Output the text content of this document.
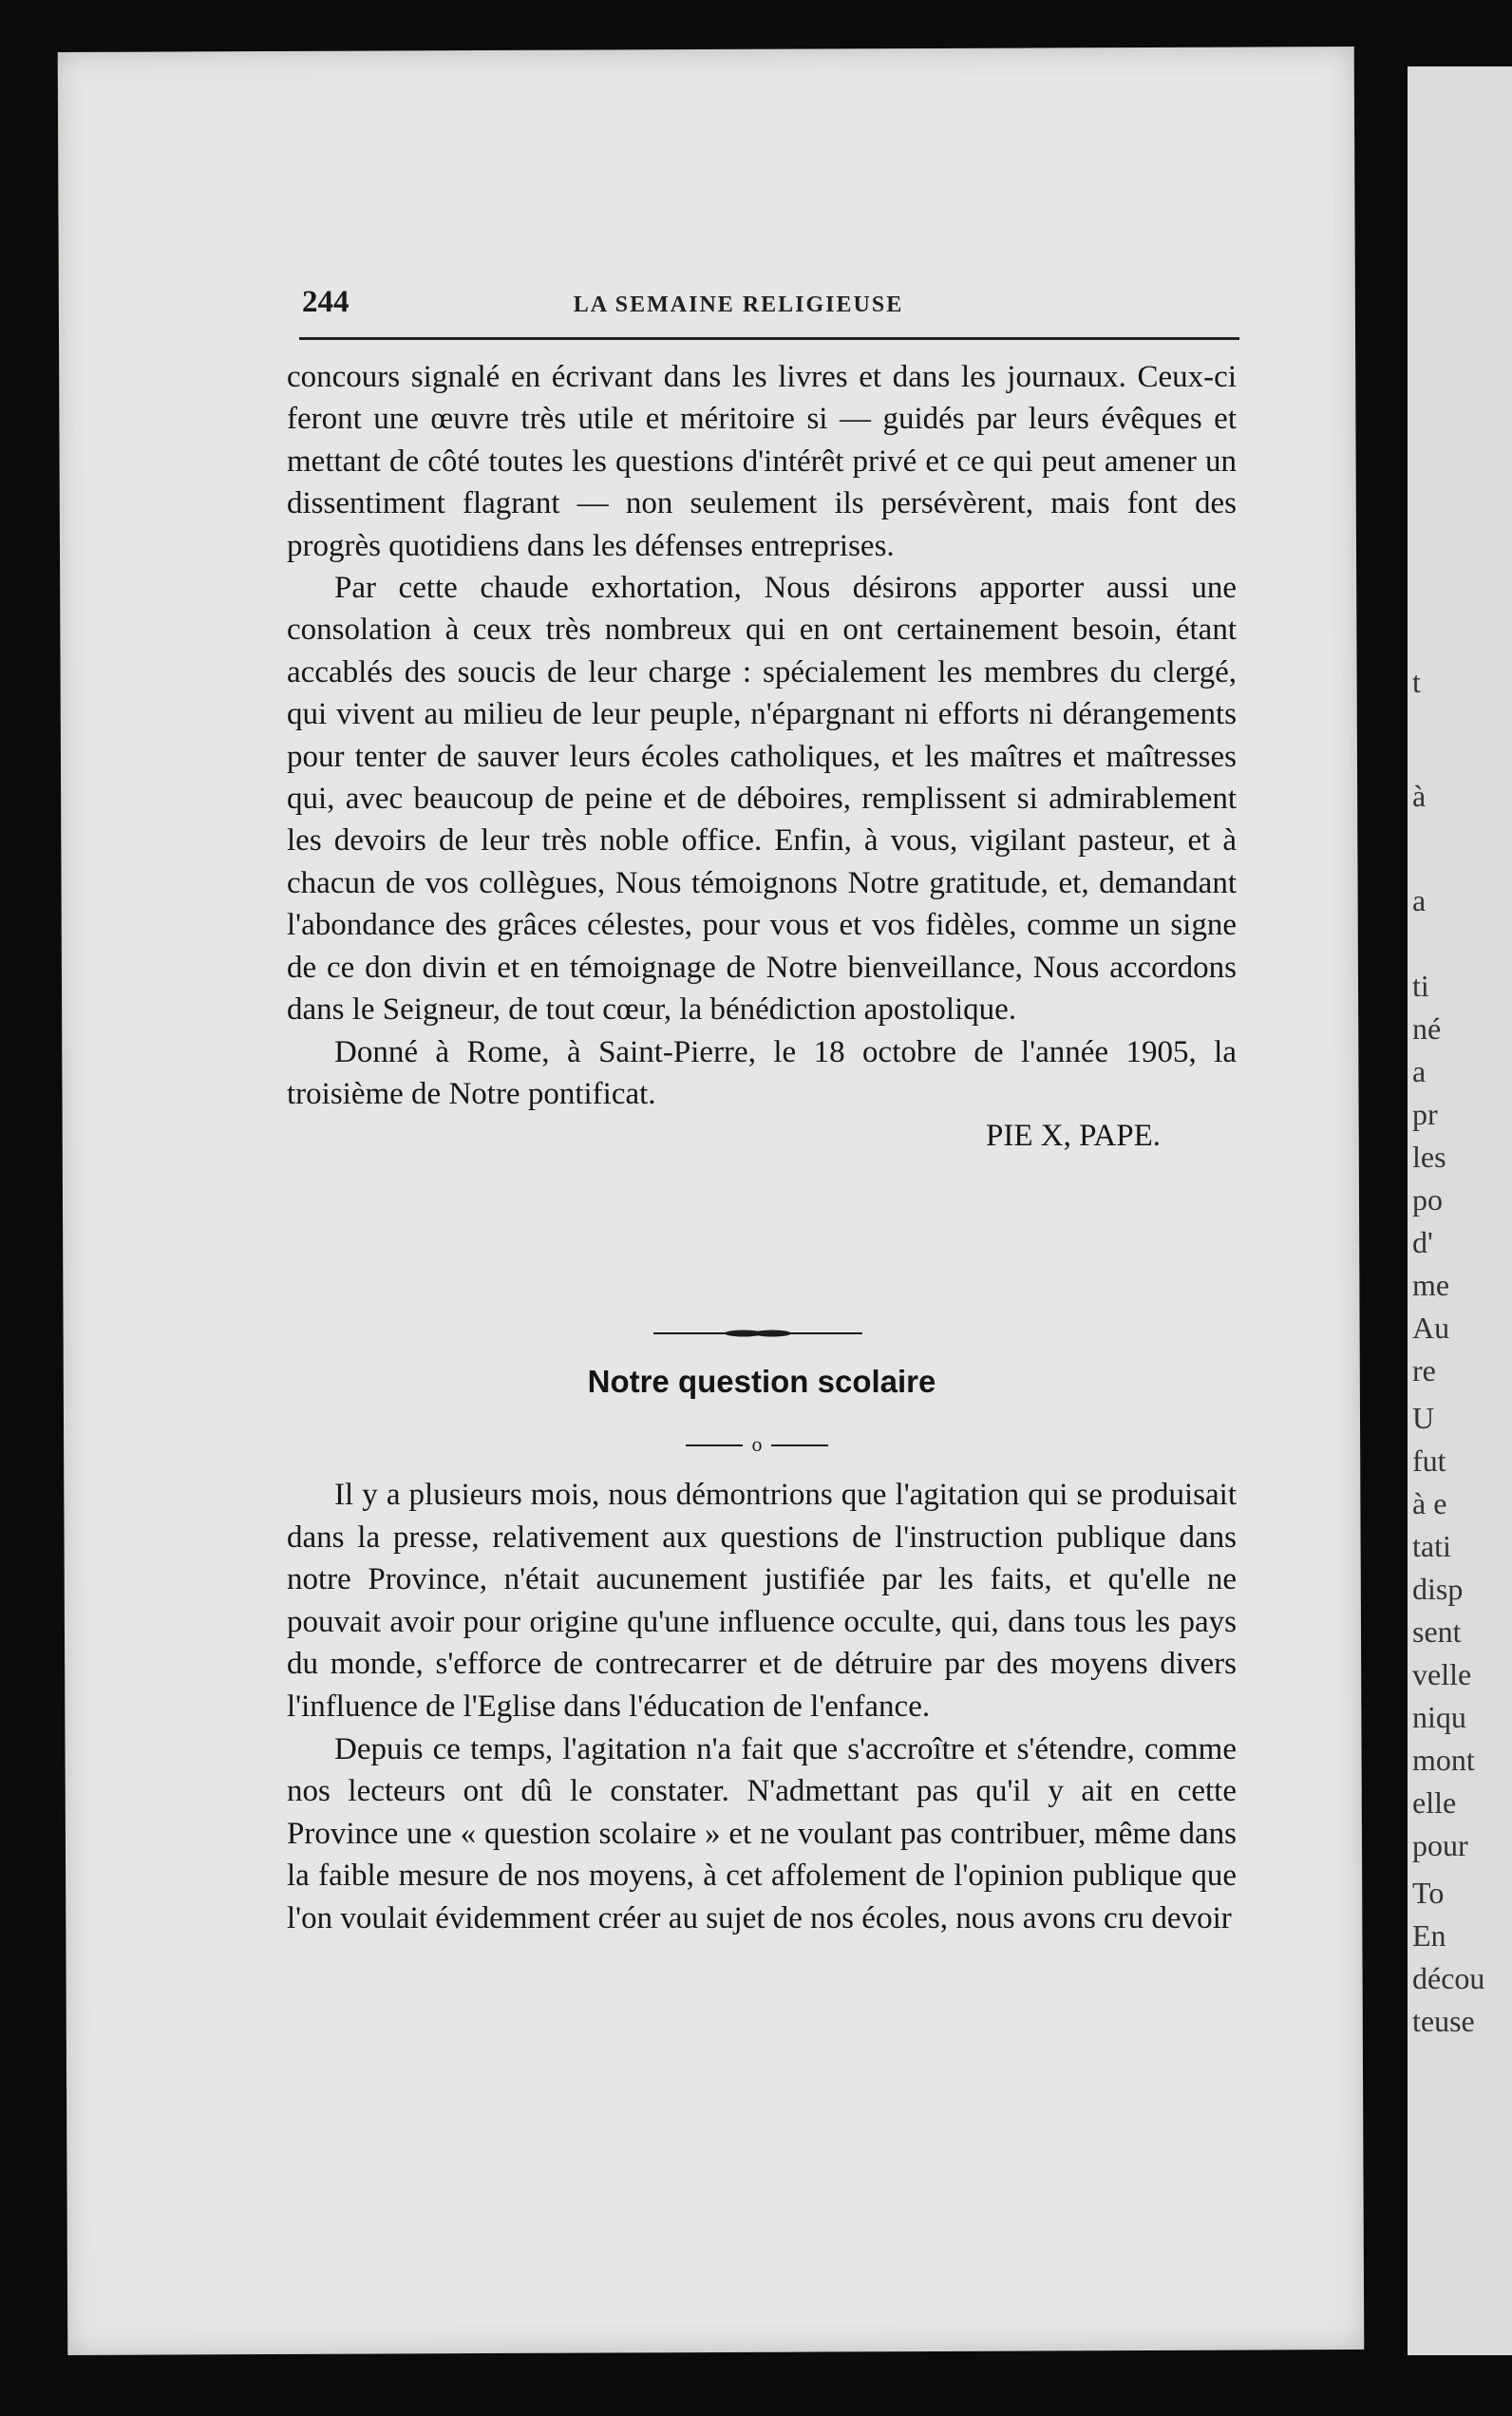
244	LA SEMAINE RELIGIEUSE

concours signalé en écrivant dans les livres et dans les journaux. Ceux-ci feront une œuvre très utile et méritoire si — guidés par leurs évêques et mettant de côté toutes les questions d'intérêt privé et ce qui peut amener un dissentiment flagrant — non seulement ils persévèrent, mais font des progrès quotidiens dans les défenses entreprises.

Par cette chaude exhortation, Nous désirons apporter aussi une consolation à ceux très nombreux qui en ont certainement besoin, étant accablés des soucis de leur charge : spécialement les membres du clergé, qui vivent au milieu de leur peuple, n'épargnant ni efforts ni dérangements pour tenter de sauver leurs écoles catholiques, et les maîtres et maîtresses qui, avec beaucoup de peine et de déboires, remplissent si admirablement les devoirs de leur très noble office. Enfin, à vous, vigilant pasteur, et à chacun de vos collègues, Nous témoignons Notre gratitude, et, demandant l'abondance des grâces célestes, pour vous et vos fidèles, comme un signe de ce don divin et en témoignage de Notre bienveillance, Nous accordons dans le Seigneur, de tout cœur, la bénédiction apostolique.

Donné à Rome, à Saint-Pierre, le 18 octobre de l'année 1905, la troisième de Notre pontificat.

PIE X, PAPE.

Notre question scolaire
o

Il y a plusieurs mois, nous démontrions que l'agitation qui se produisait dans la presse, relativement aux questions de l'instruction publique dans notre Province, n'était aucunement justifiée par les faits, et qu'elle ne pouvait avoir pour origine qu'une influence occulte, qui, dans tous les pays du monde, s'efforce de contrecarrer et de détruire par des moyens divers l'influence de l'Eglise dans l'éducation de l'enfance.

Depuis ce temps, l'agitation n'a fait que s'accroître et s'étendre, comme nos lecteurs ont dû le constater. N'admettant pas qu'il y ait en cette Province une « question scolaire » et ne voulant pas contribuer, même dans la faible mesure de nos moyens, à cet affolement de l'opinion publique que l'on voulait évidemment créer au sujet de nos écoles, nous avons cru devoir

t
à
a
ti
né
a
pr
les
po
d'
me
Au
re
U
fut
à e
tati
disp
sent
velle
niqu
mont
elle
pour
To
En
décou
teuse
